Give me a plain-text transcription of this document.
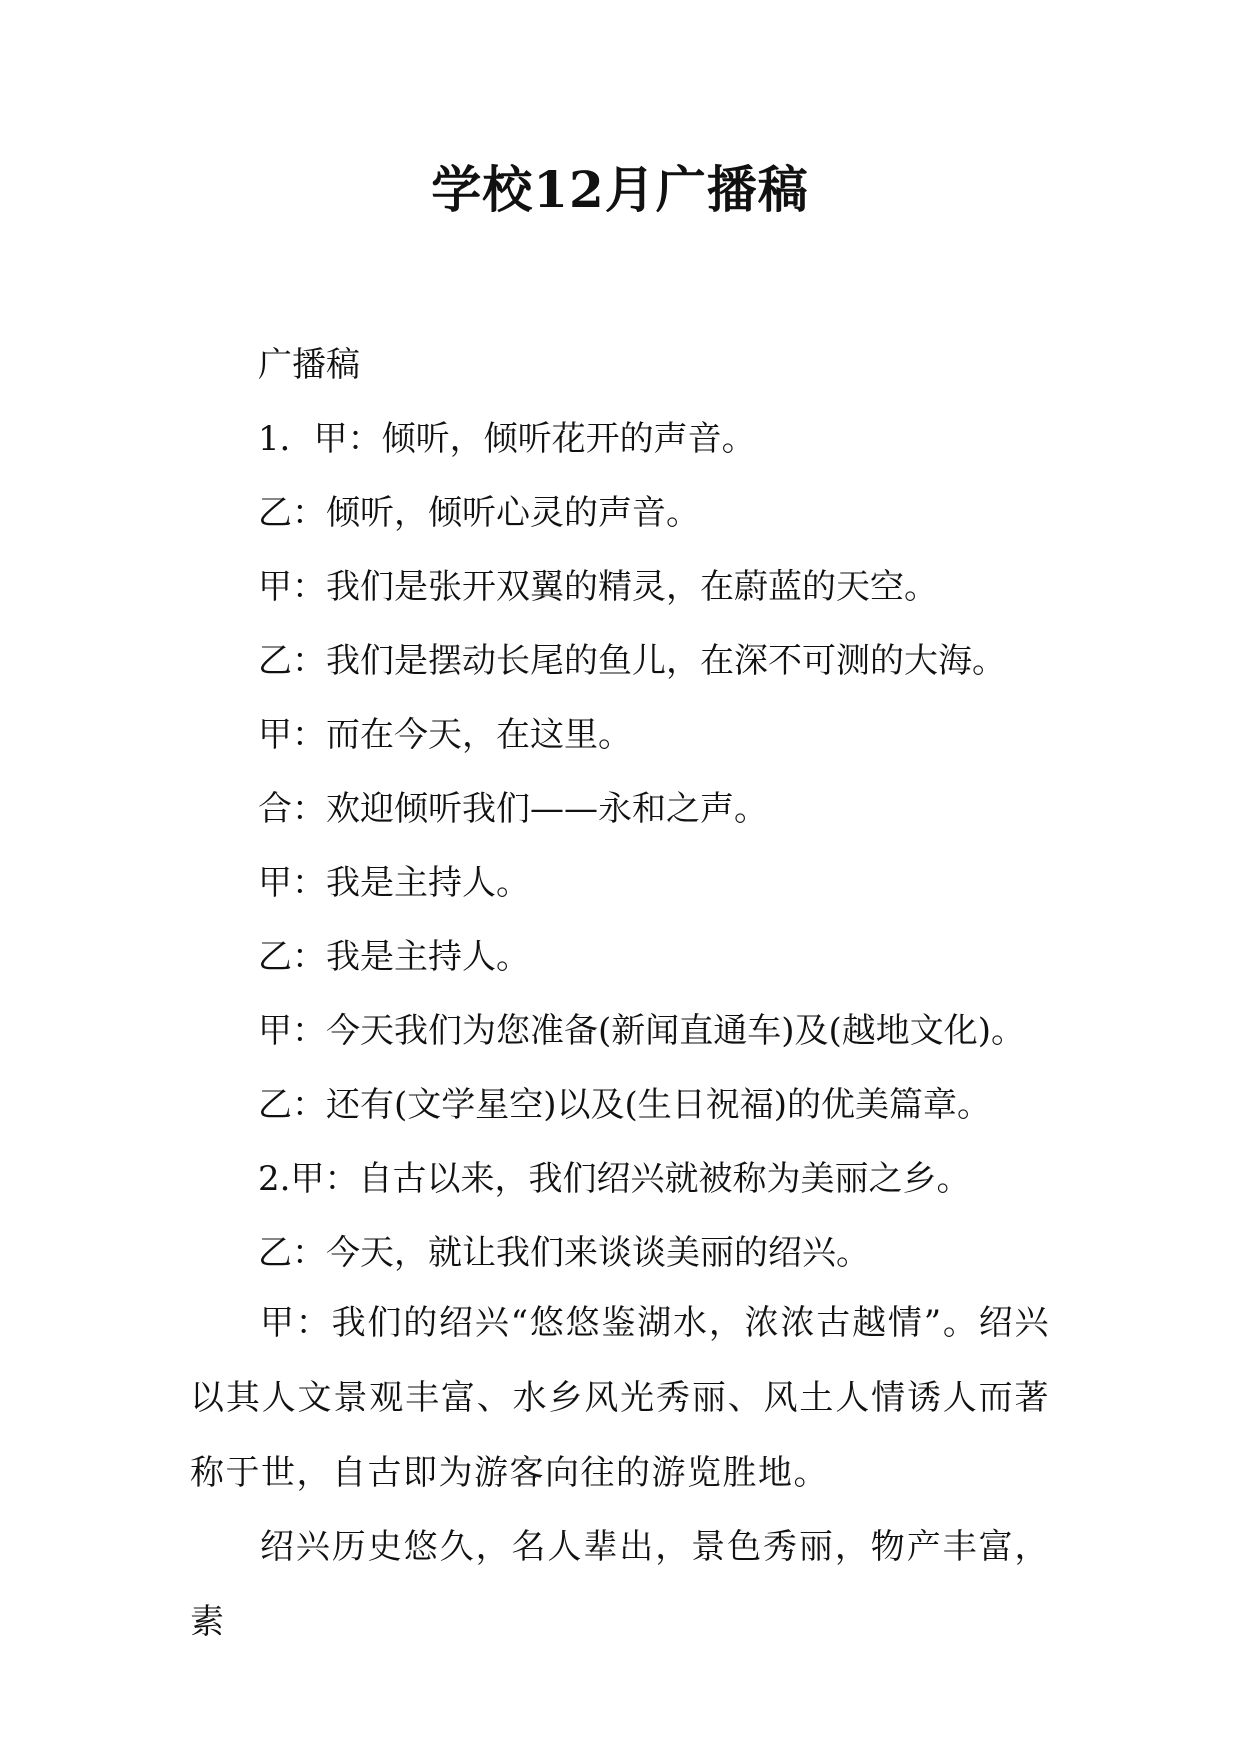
学校12月广播稿
广播稿
1．甲：倾听，倾听花开的声音。
乙：倾听，倾听心灵的声音。
甲：我们是张开双翼的精灵，在蔚蓝的天空。
乙：我们是摆动长尾的鱼儿，在深不可测的大海。
甲：而在今天，在这里。
合：欢迎倾听我们——永和之声。
甲：我是主持人。
乙：我是主持人。
甲：今天我们为您准备(新闻直通车)及(越地文化)。
乙：还有(文学星空)以及(生日祝福)的优美篇章。
2.甲：自古以来，我们绍兴就被称为美丽之乡。
乙：今天，就让我们来谈谈美丽的绍兴。

甲：我们的绍兴“悠悠鉴湖水，浓浓古越情”。绍兴以其人文景观丰富、水乡风光秀丽、风土人情诱人而著称于世，自古即为游客向往的游览胜地。

绍兴历史悠久，名人辈出，景色秀丽，物产丰富，素
